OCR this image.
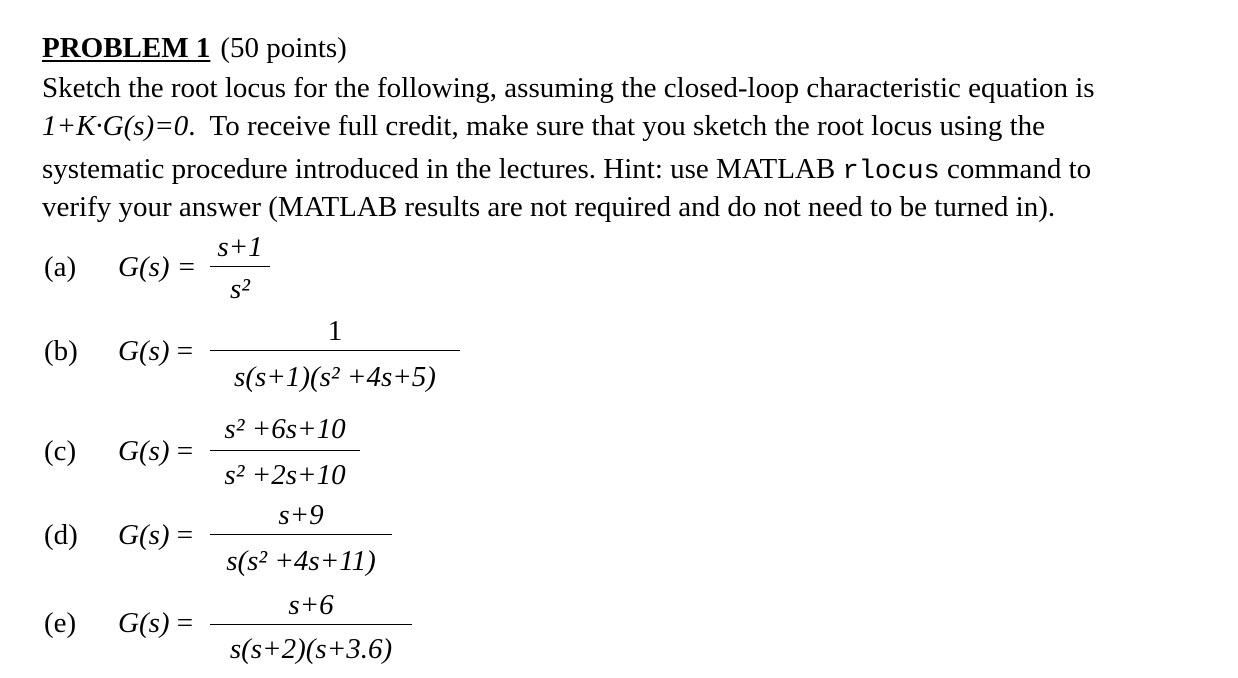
PROBLEM 1 (50 points)
Sketch the root locus for the following, assuming the closed-loop characteristic equation is
1+K·G(s)=0. To receive full credit, make sure that you sketch the root locus using the
systematic procedure introduced in the lectures. Hint: use MATLAB rlocus command to
verify your answer (MATLAB results are not required and do not need to be turned in).
(a) G(s) =
s+1
s²
(b) G(s) =
1
s(s+1)(s² +4s+5)
(c) G(s) =
s² +6s+10
s² +2s+10
(d) G(s) =
s+9
s(s² +4s+11)
(e) G(s) =
s+6
s(s+2)(s+3.6)
